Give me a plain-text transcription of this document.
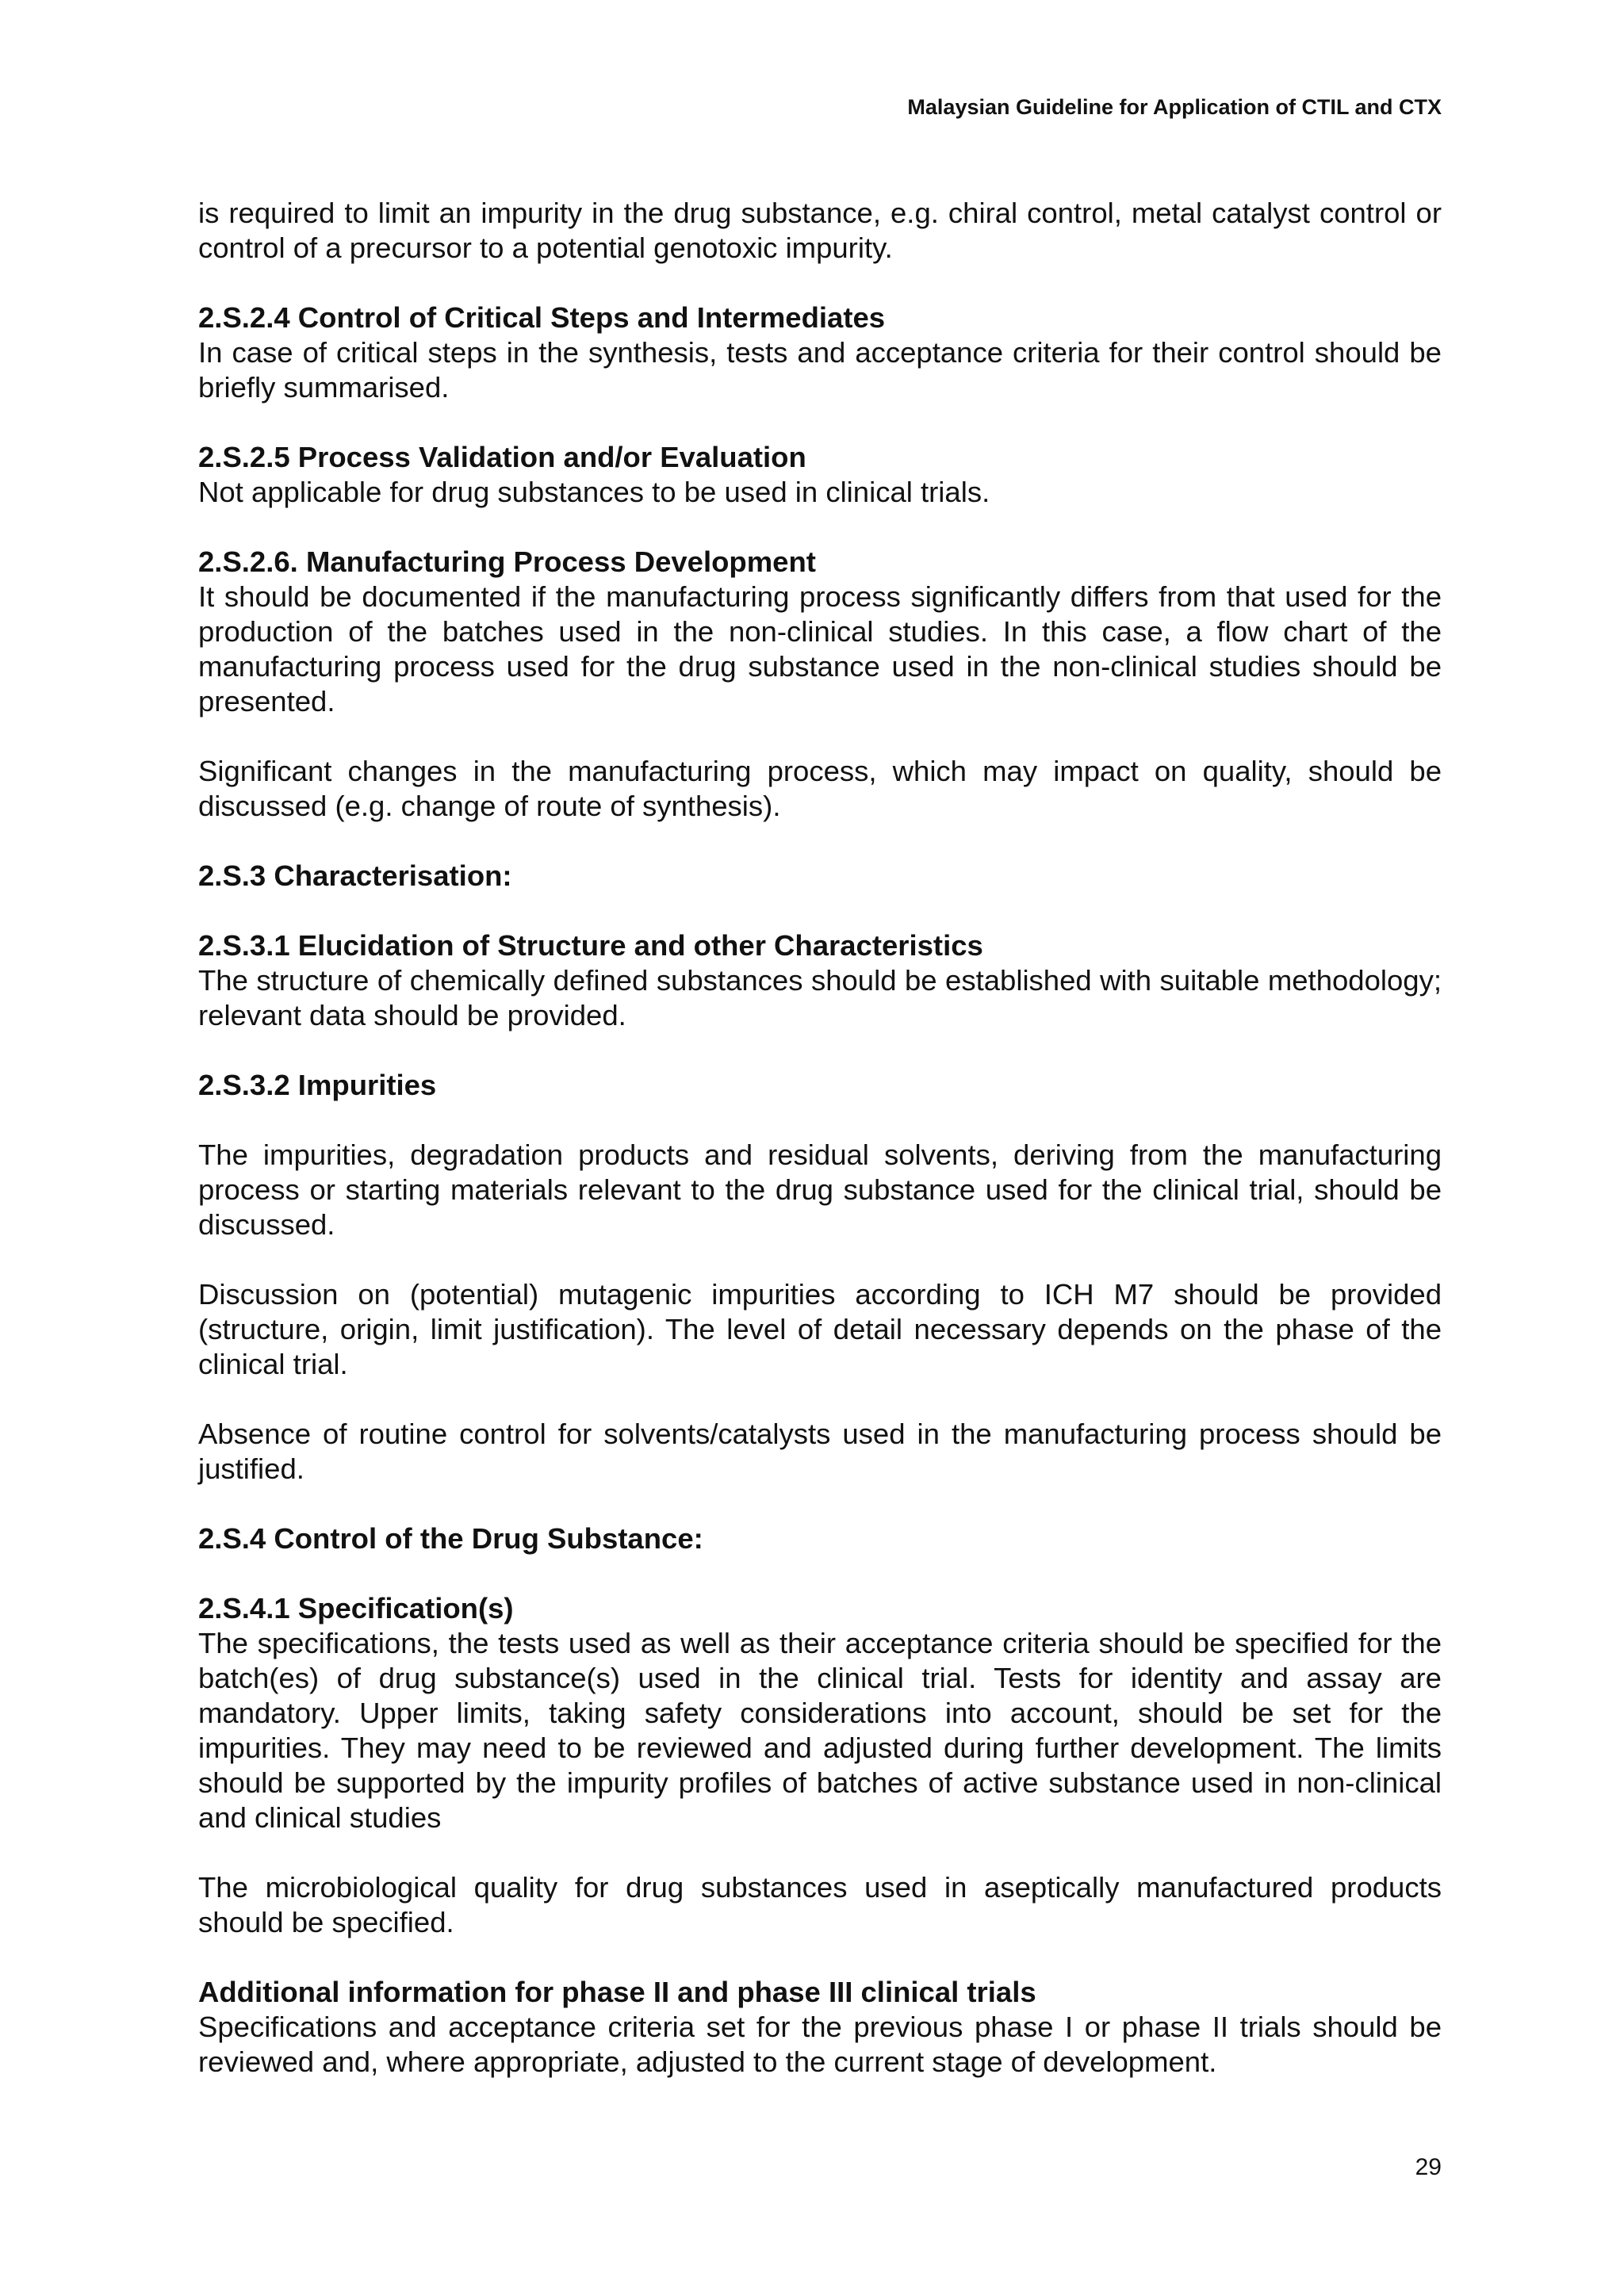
Malaysian Guideline for Application of CTIL and CTX

is required to limit an impurity in the drug substance, e.g. chiral control, metal catalyst control or control of a precursor to a potential genotoxic impurity.

2.S.2.4 Control of Critical Steps and Intermediates

In case of critical steps in the synthesis, tests and acceptance criteria for their control should be briefly summarised.

2.S.2.5 Process Validation and/or Evaluation

Not applicable for drug substances to be used in clinical trials.

2.S.2.6. Manufacturing Process Development

It should be documented if the manufacturing process significantly differs from that used for the production of the batches used in the non-clinical studies. In this case, a flow chart of the manufacturing process used for the drug substance used in the non-clinical studies should be presented.

Significant changes in the manufacturing process, which may impact on quality, should be discussed (e.g. change of route of synthesis).

2.S.3 Characterisation:

2.S.3.1 Elucidation of Structure and other Characteristics

The structure of chemically defined substances should be established with suitable methodology; relevant data should be provided.

2.S.3.2 Impurities

The impurities, degradation products and residual solvents, deriving from the manufacturing process or starting materials relevant to the drug substance used for the clinical trial, should be discussed.

Discussion on (potential) mutagenic impurities according to ICH M7 should be provided (structure, origin, limit justification). The level of detail necessary depends on the phase of the clinical trial.

Absence of routine control for solvents/catalysts used in the manufacturing process should be justified.

2.S.4 Control of the Drug Substance:

2.S.4.1 Specification(s)

The specifications, the tests used as well as their acceptance criteria should be specified for the batch(es) of drug substance(s) used in the clinical trial. Tests for identity and assay are mandatory. Upper limits, taking safety considerations into account, should be set for the impurities. They may need to be reviewed and adjusted during further development. The limits should be supported by the impurity profiles of batches of active substance used in non-clinical and clinical studies

The microbiological quality for drug substances used in aseptically manufactured products should be specified.

Additional information for phase II and phase III clinical trials

Specifications and acceptance criteria set for the previous phase I or phase II trials should be reviewed and, where appropriate, adjusted to the current stage of development.

29
